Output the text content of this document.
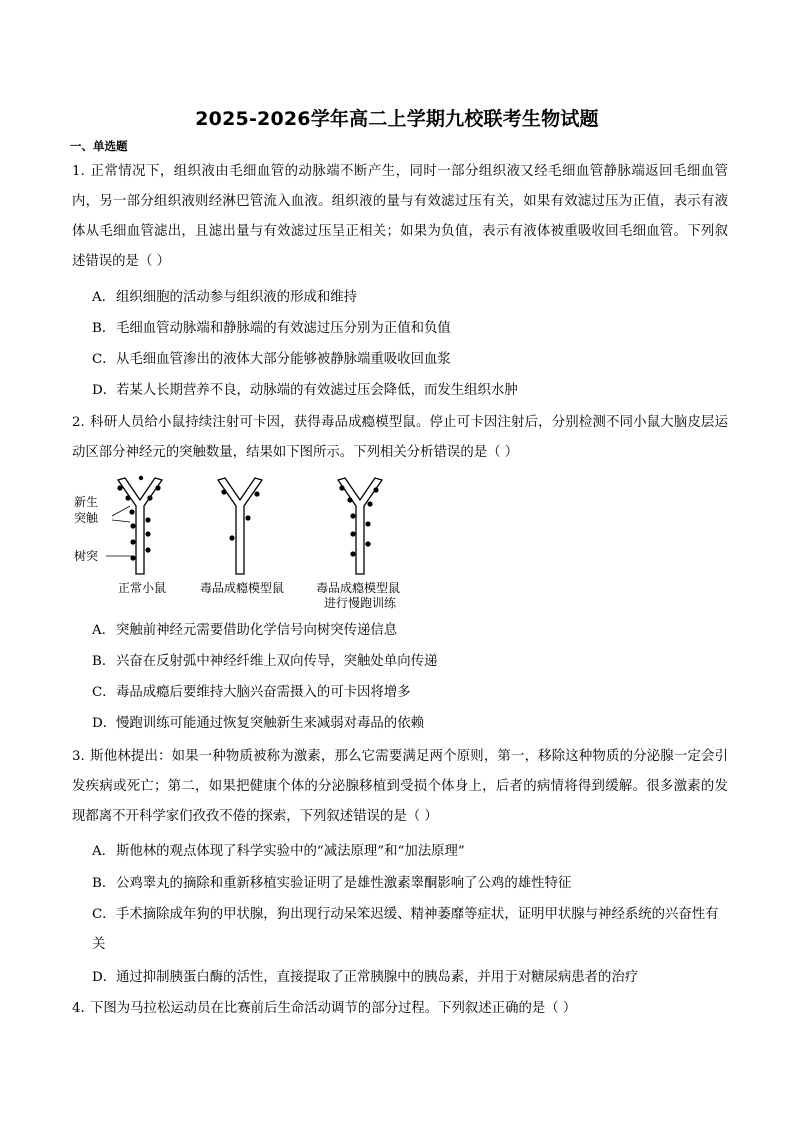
2025-2026学年高二上学期九校联考生物试题
一、单选题
1. 正常情况下，组织液由毛细血管的动脉端不断产生，同时一部分组织液又经毛细血管静脉端返回毛细血管内，另一部分组织液则经淋巴管流入血液。组织液的量与有效滤过压有关，如果有效滤过压为正值，表示有液体从毛细血管滤出，且滤出量与有效滤过压呈正相关；如果为负值，表示有液体被重吸收回毛细血管。下列叙述错误的是（ ）
A. 组织细胞的活动参与组织液的形成和维持
B．毛细血管动脉端和静脉端的有效滤过压分别为正值和负值
C．从毛细血管渗出的液体大部分能够被静脉端重吸收回血浆
D．若某人长期营养不良，动脉端的有效滤过压会降低，而发生组织水肿
2. 科研人员给小鼠持续注射可卡因，获得毒品成瘾模型鼠。停止可卡因注射后，分别检测不同小鼠大脑皮层运动区部分神经元的突触数量，结果如下图所示。下列相关分析错误的是（ ）
新生
突触
树突
正常小鼠	毒品成瘾模型鼠	毒品成瘾模型鼠
进行慢跑训练
A. 突触前神经元需要借助化学信号向树突传递信息
B．兴奋在反射弧中神经纤维上双向传导，突触处单向传递
C．毒品成瘾后要维持大脑兴奋需摄入的可卡因将增多
D．慢跑训练可能通过恢复突触新生来减弱对毒品的依赖
3. 斯他林提出：如果一种物质被称为激素，那么它需要满足两个原则，第一，移除这种物质的分泌腺一定会引发疾病或死亡；第二，如果把健康个体的分泌腺移植到受损个体身上，后者的病情将得到缓解。很多激素的发现都离不开科学家们孜孜不倦的探索，下列叙述错误的是（ ）
A. 斯他林的观点体现了科学实验中的“减法原理”和“加法原理”
B．公鸡睾丸的摘除和重新移植实验证明了是雄性激素睾酮影响了公鸡的雄性特征
C．手术摘除成年狗的甲状腺，狗出现行动呆笨迟缓、精神萎靡等症状，证明甲状腺与神经系统的兴奋性有关
D．通过抑制胰蛋白酶的活性，直接提取了正常胰腺中的胰岛素，并用于对糖尿病患者的治疗
4．下图为马拉松运动员在比赛前后生命活动调节的部分过程。下列叙述正确的是（ ）
